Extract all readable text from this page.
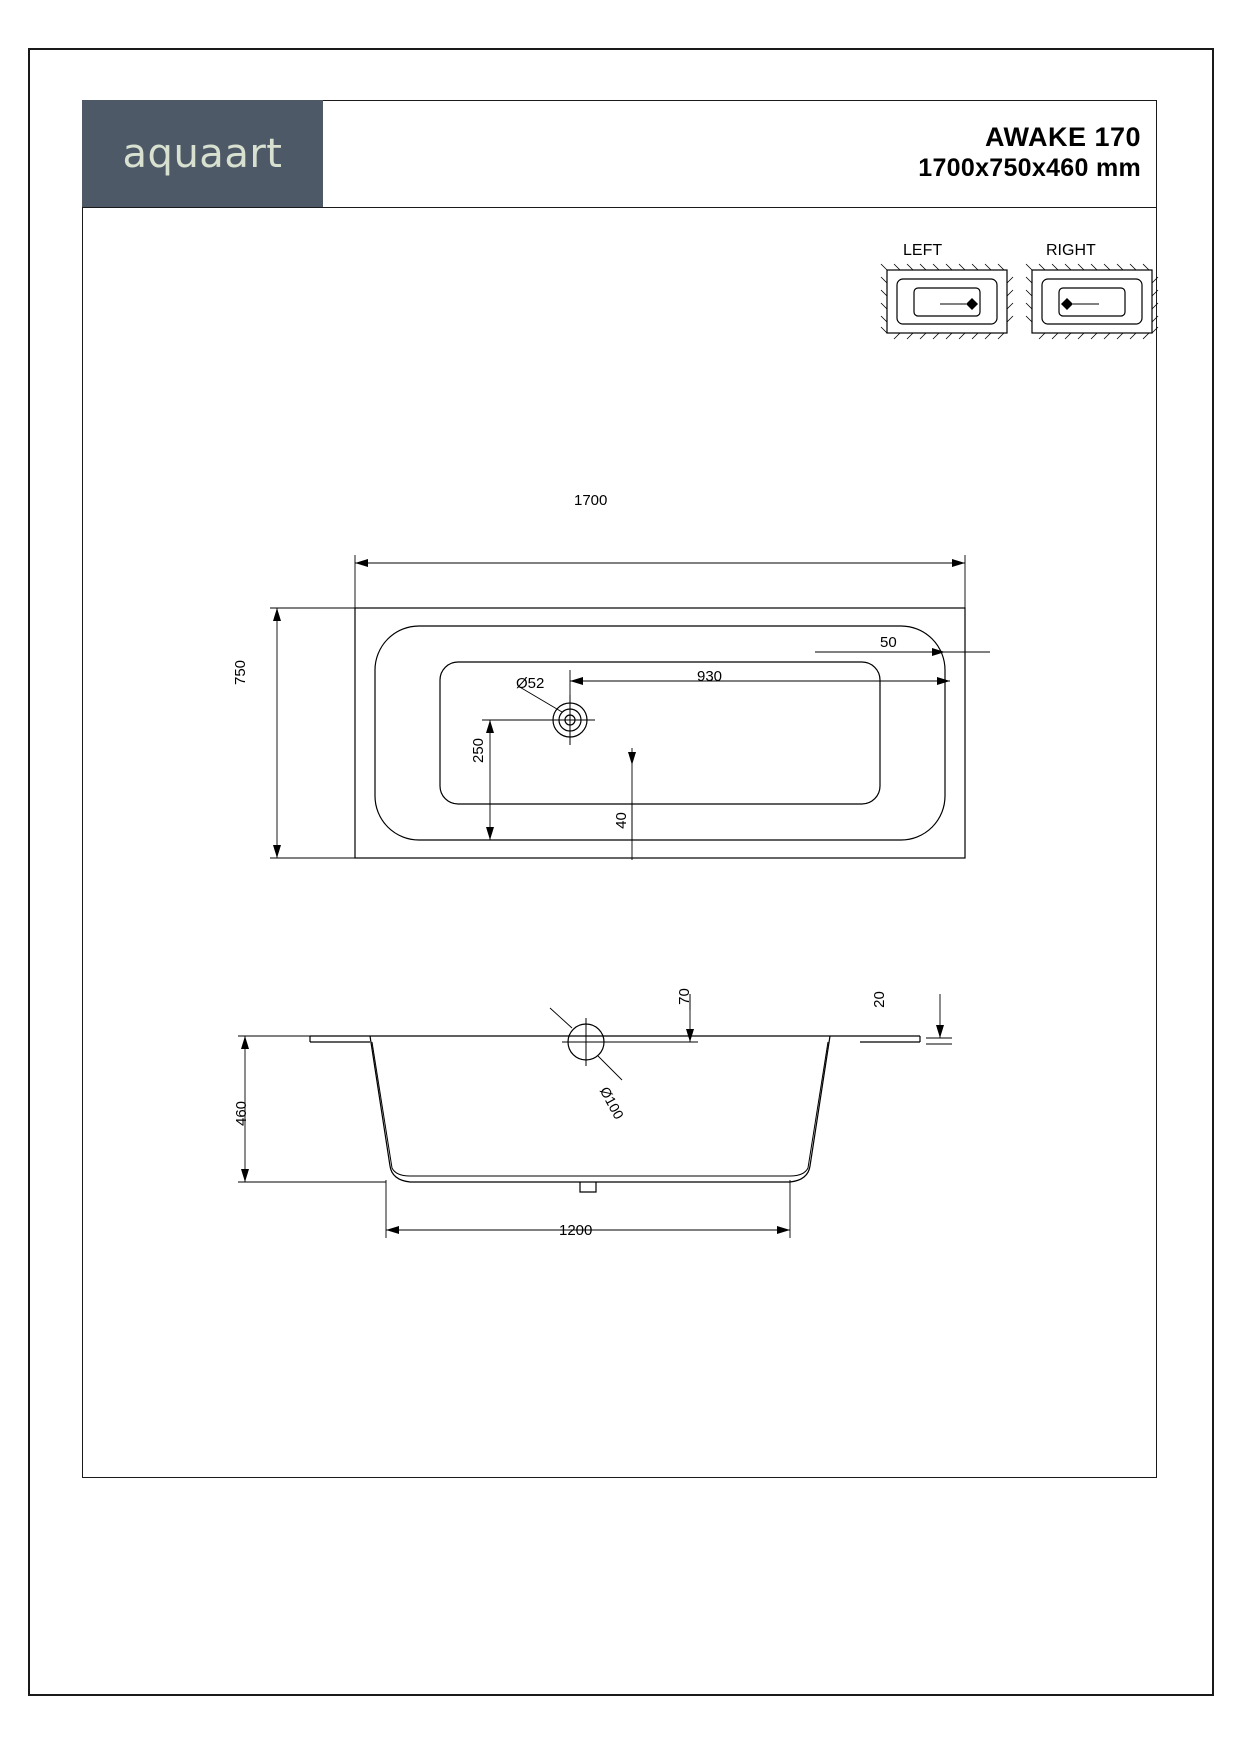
aquaart	AWAKE 170
1700x750x460 mm
LEFT	RIGHT
1700
750
50
930
Ø52
250
40
460
1200
70	20
Ø100
